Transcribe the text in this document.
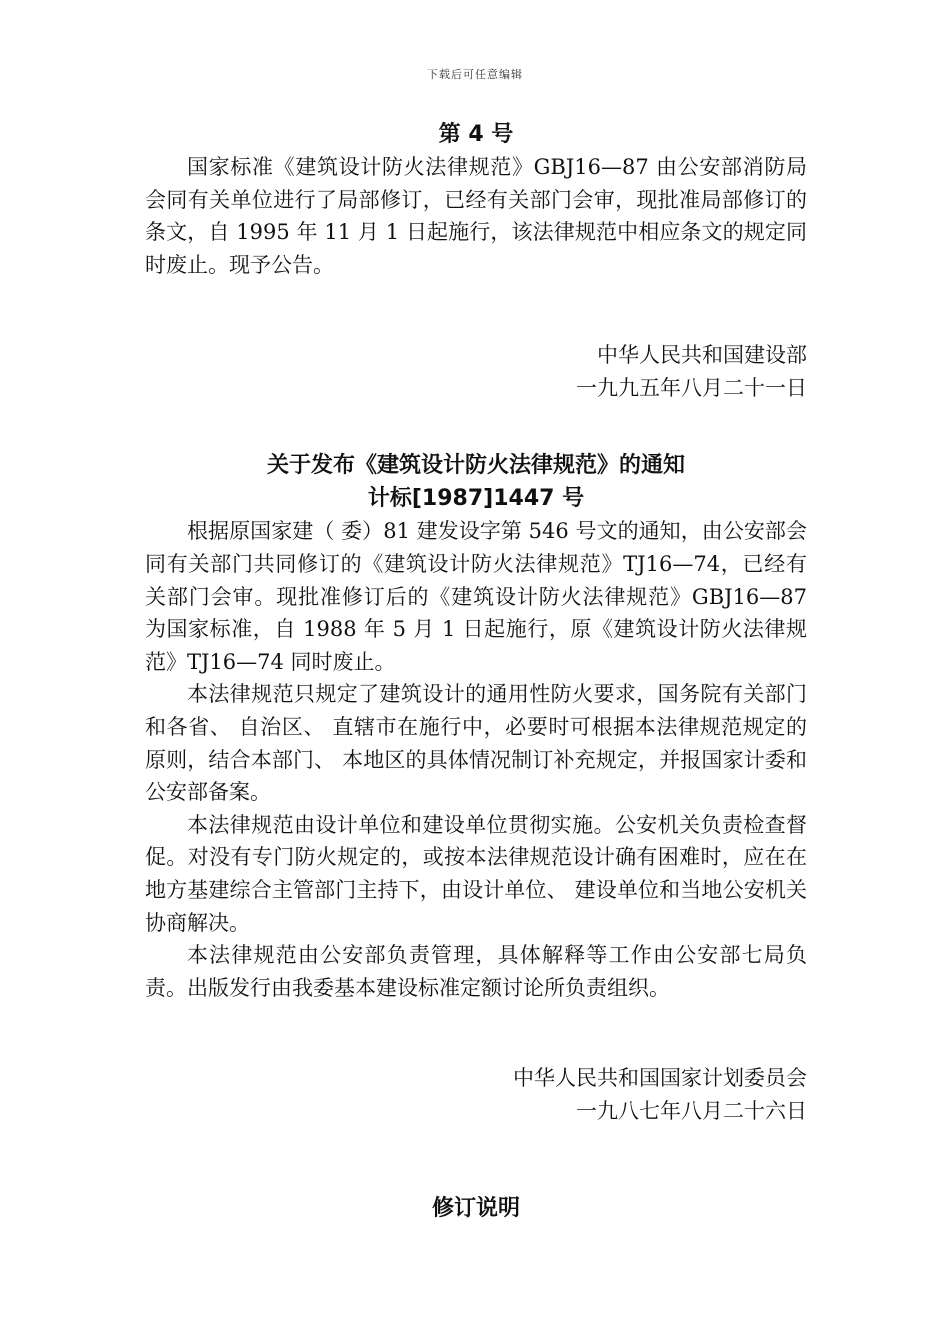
下载后可任意编辑
第 4 号

国家标准《建筑设计防火法律规范》GBJ16—87 由公安部消防局会同有关单位进行了局部修订，已经有关部门会审，现批准局部修订的条文，自 1995 年 11 月 1 日起施行，该法律规范中相应条文的规定同时废止。现予公告。

中华人民共和国建设部
一九九五年八月二十一日
关于发布《建筑设计防火法律规范》的通知
计标[1987]1447 号

根据原国家建（ 委）81 建发设字第 546 号文的通知，由公安部会同有关部门共同修订的《建筑设计防火法律规范》TJ16—74，已经有关部门会审。现批准修订后的《建筑设计防火法律规范》GBJ16—87 为国家标准，自 1988 年 5 月 1 日起施行，原《建筑设计防火法律规范》TJ16—74 同时废止。

本法律规范只规定了建筑设计的通用性防火要求，国务院有关部门和各省、 自治区、 直辖市在施行中，必要时可根据本法律规范规定的原则，结合本部门、 本地区的具体情况制订补充规定，并报国家计委和公安部备案。

本法律规范由设计单位和建设单位贯彻实施。公安机关负责检查督促。对没有专门防火规定的，或按本法律规范设计确有困难时，应在在地方基建综合主管部门主持下，由设计单位、 建设单位和当地公安机关协商解决。

本法律规范由公安部负责管理，具体解释等工作由公安部七局负责。出版发行由我委基本建设标准定额讨论所负责组织。

中华人民共和国国家计划委员会
一九八七年八月二十六日
修订说明
